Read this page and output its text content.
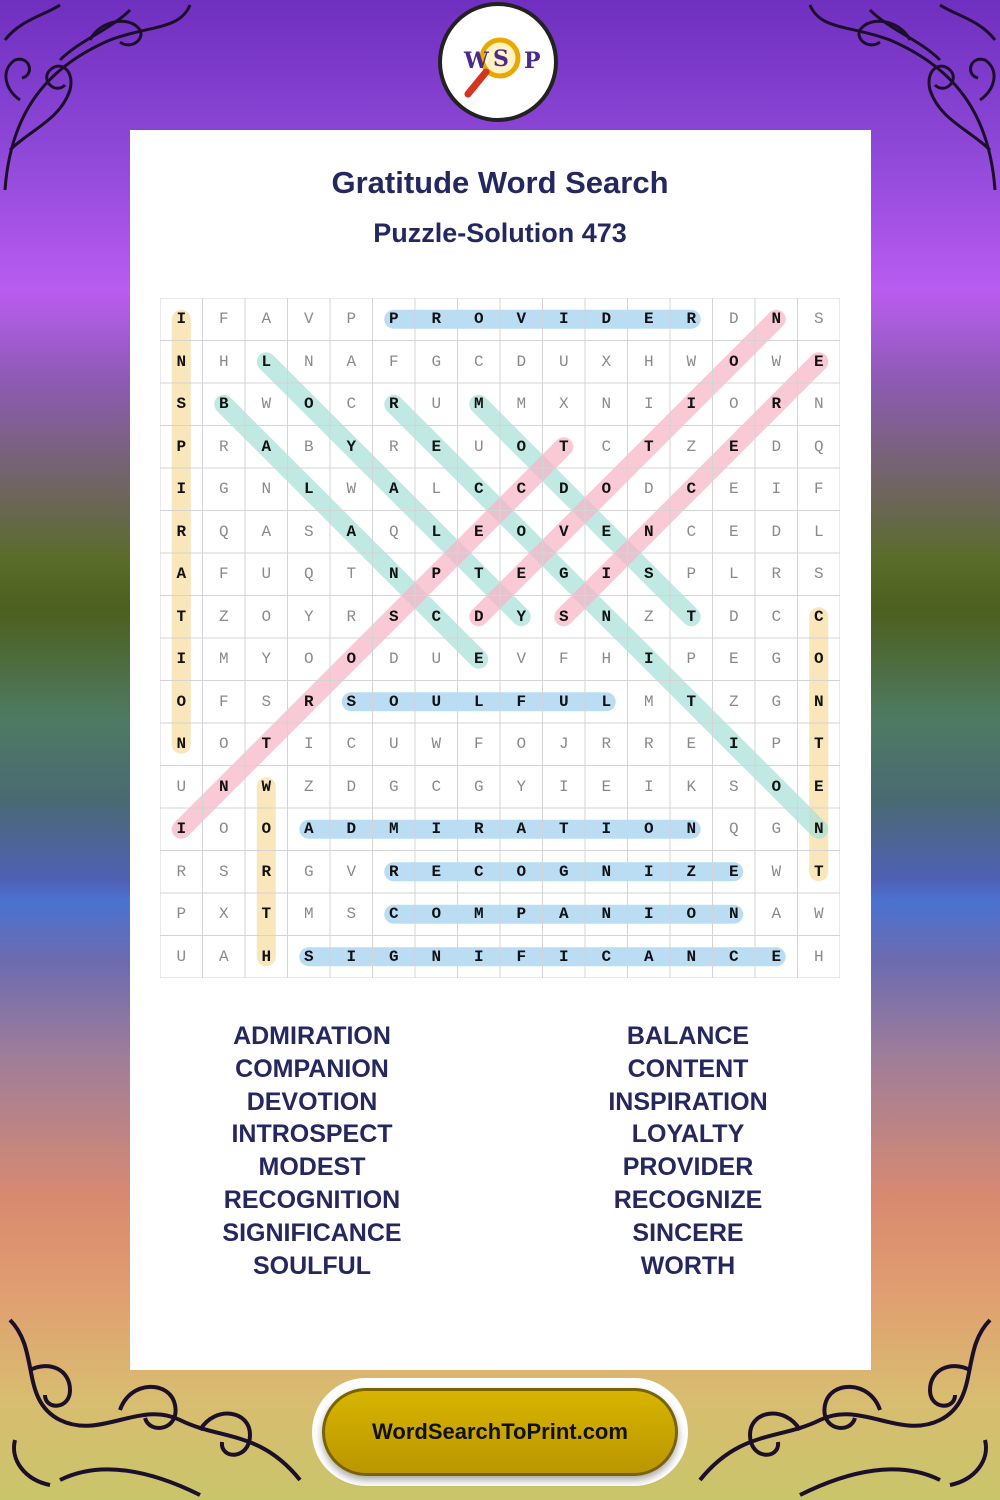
W S P
Gratitude Word Search
Puzzle-Solution 473
I	F	A	V	P	P	R	O	V	I	D	E	R	D	N	S
N	H	L	N	A	F	G	C	D	U	X	H	W	O	W	E
S	B	W	O	C	R	U	M	M	X	N	I	I	O	R	N
P	R	A	B	Y	R	E	U	O	T	C	T	Z	E	D	Q
I	G	N	L	W	A	L	C	C	D	O	D	C	E	I	F
R	Q	A	S	A	Q	L	E	O	V	E	N	C	E	D	L
A	F	U	Q	T	N	P	T	E	G	I	S	P	L	R	S
T	Z	O	Y	R	S	C	D	Y	S	N	Z	T	D	C	C
I	M	Y	O	O	D	U	E	V	F	H	I	P	E	G	O
O	F	S	R	S	O	U	L	F	U	L	M	T	Z	G	N
N	O	T	I	C	U	W	F	O	J	R	R	E	I	P	T
U	N	W	Z	D	G	C	G	Y	I	E	I	K	S	O	E
I	O	O	A	D	M	I	R	A	T	I	O	N	Q	G	N
R	S	R	G	V	R	E	C	O	G	N	I	Z	E	W	T
P	X	T	M	S	C	O	M	P	A	N	I	O	N	A	W
U	A	H	S	I	G	N	I	F	I	C	A	N	C	E	H
ADMIRATION
COMPANION
DEVOTION
INTROSPECT
MODEST
RECOGNITION
SIGNIFICANCE
SOULFUL
BALANCE
CONTENT
INSPIRATION
LOYALTY
PROVIDER
RECOGNIZE
SINCERE
WORTH
WordSearchToPrint.com
